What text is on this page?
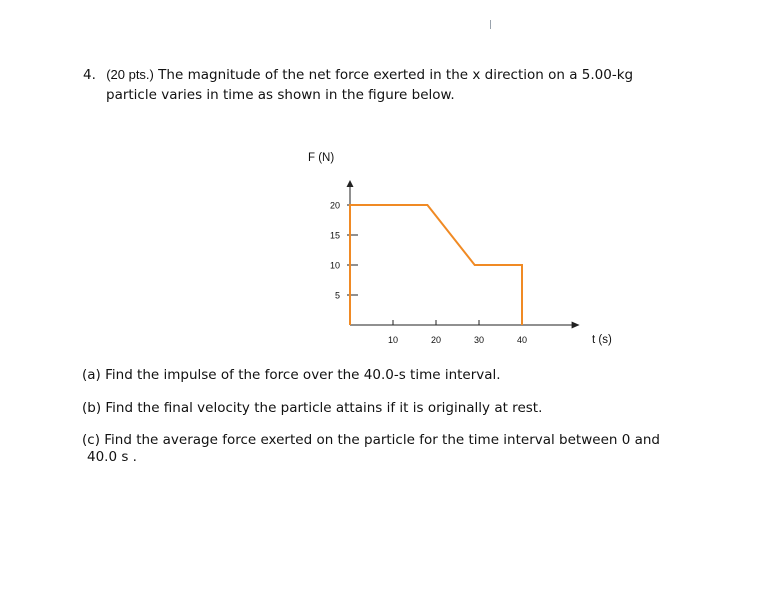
4. (20 pts.) The magnitude of the net force exerted in the x direction on a 5.00-kg
particle varies in time as shown in the figure below.
10	20	30	40
5
10
15
20
F (N)
t (s)
(a) Find the impulse of the force over the 40.0-s time interval.
(b) Find the final velocity the particle attains if it is originally at rest.
(c) Find the average force exerted on the particle for the time interval between 0 and
40.0 s .
